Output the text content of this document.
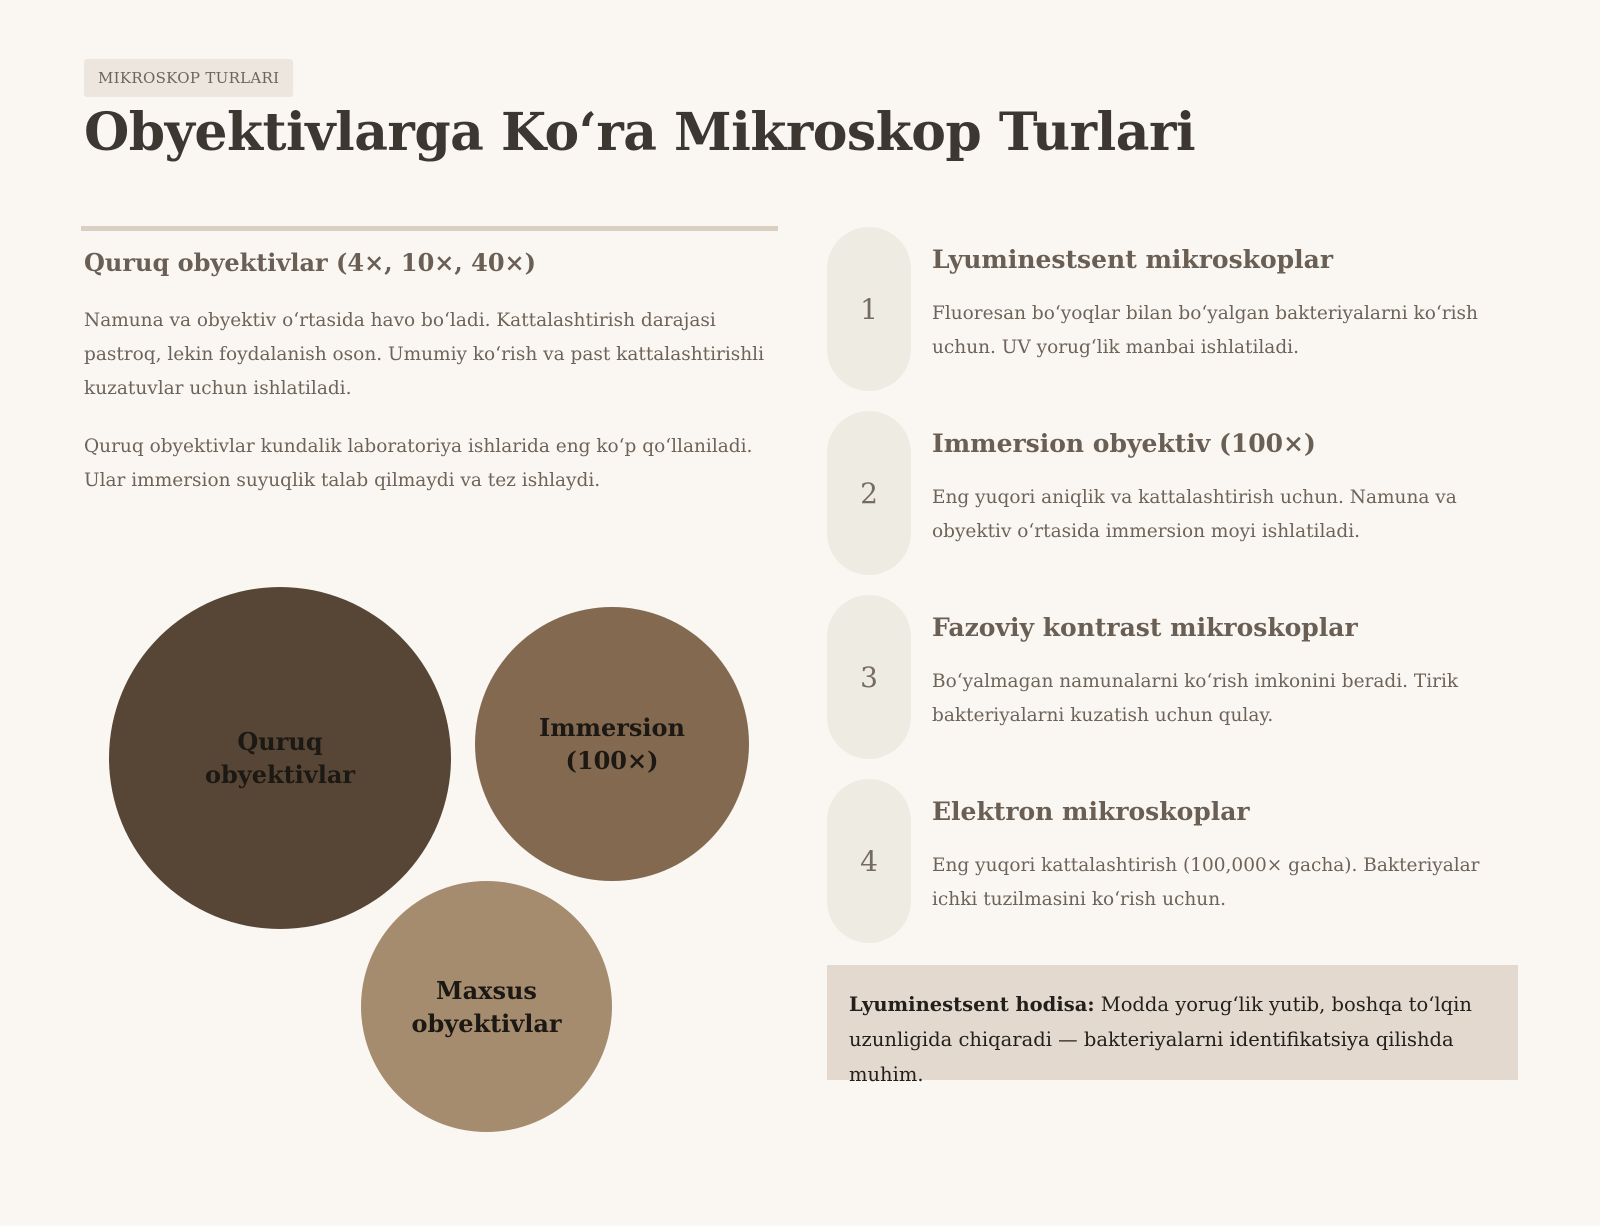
MIKROSKOP TURLARI
Obyektivlarga Koʻra Mikroskop Turlari
Quruq obyektivlar (4×, 10×, 40×)

Namuna va obyektiv oʻrtasida havo boʻladi. Kattalashtirish darajasi pastroq, lekin foydalanish oson. Umumiy koʻrish va past kattalashtirishli kuzatuvlar uchun ishlatiladi.

Quruq obyektivlar kundalik laboratoriya ishlarida eng koʻp qoʻllaniladi. Ular immersion suyuqlik talab qilmaydi va tez ishlaydi.

Quruq obyektivlar
Immersion (100×)
Maxsus obyektivlar
1
Lyuminestsent mikroskoplar

Fluoresan boʻyoqlar bilan boʻyalgan bakteriyalarni koʻrish uchun. UV yorugʻlik manbai ishlatiladi.

2
Immersion obyektiv (100×)

Eng yuqori aniqlik va kattalashtirish uchun. Namuna va obyektiv oʻrtasida immersion moyi ishlatiladi.

3
Fazoviy kontrast mikroskoplar

Boʻyalmagan namunalarni koʻrish imkonini beradi. Tirik bakteriyalarni kuzatish uchun qulay.

4
Elektron mikroskoplar

Eng yuqori kattalashtirish (100,000× gacha). Bakteriyalar ichki tuzilmasini koʻrish uchun.

Lyuminestsent hodisa: Modda yorugʻlik yutib, boshqa toʻlqin uzunligida chiqaradi — bakteriyalarni identifikatsiya qilishda muhim.
